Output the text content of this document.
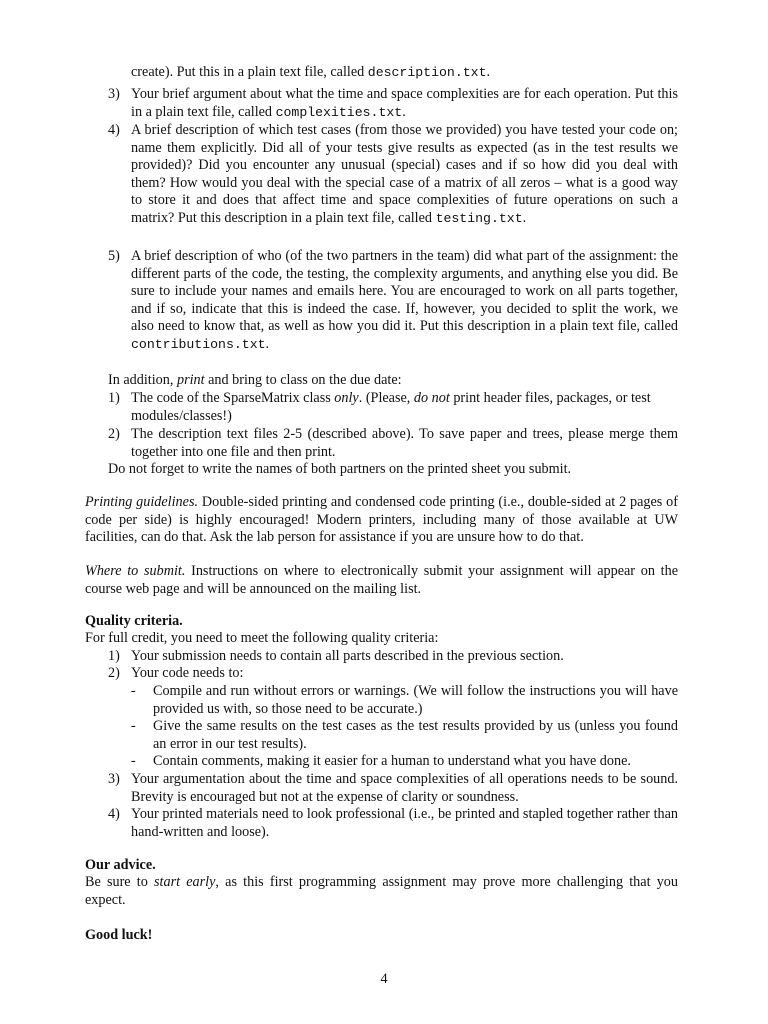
create). Put this in a plain text file, called description.txt.
3) Your brief argument about what the time and space complexities are for each operation. Put this in a plain text file, called complexities.txt.
4) A brief description of which test cases (from those we provided) you have tested your code on; name them explicitly. Did all of your tests give results as expected (as in the test results we provided)? Did you encounter any unusual (special) cases and if so how did you deal with them? How would you deal with the special case of a matrix of all zeros – what is a good way to store it and does that affect time and space complexities of future operations on such a matrix? Put this description in a plain text file, called testing.txt.
5) A brief description of who (of the two partners in the team) did what part of the assignment: the different parts of the code, the testing, the complexity arguments, and anything else you did. Be sure to include your names and emails here. You are encouraged to work on all parts together, and if so, indicate that this is indeed the case. If, however, you decided to split the work, we also need to know that, as well as how you did it. Put this description in a plain text file, called contributions.txt.
In addition, print and bring to class on the due date:
1) The code of the SparseMatrix class only. (Please, do not print header files, packages, or test modules/classes!)
2) The description text files 2-5 (described above). To save paper and trees, please merge them together into one file and then print.
Do not forget to write the names of both partners on the printed sheet you submit.
Printing guidelines. Double-sided printing and condensed code printing (i.e., double-sided at 2 pages of code per side) is highly encouraged! Modern printers, including many of those available at UW facilities, can do that. Ask the lab person for assistance if you are unsure how to do that.
Where to submit. Instructions on where to electronically submit your assignment will appear on the course web page and will be announced on the mailing list.
Quality criteria.
For full credit, you need to meet the following quality criteria:
1) Your submission needs to contain all parts described in the previous section.
2) Your code needs to:
-	Compile and run without errors or warnings. (We will follow the instructions you will have provided us with, so those need to be accurate.)
-	Give the same results on the test cases as the test results provided by us (unless you found an error in our test results).
-	Contain comments, making it easier for a human to understand what you have done.
3) Your argumentation about the time and space complexities of all operations needs to be sound. Brevity is encouraged but not at the expense of clarity or soundness.
4) Your printed materials need to look professional (i.e., be printed and stapled together rather than hand-written and loose).
Our advice.
Be sure to start early, as this first programming assignment may prove more challenging that you expect.
Good luck!
4
